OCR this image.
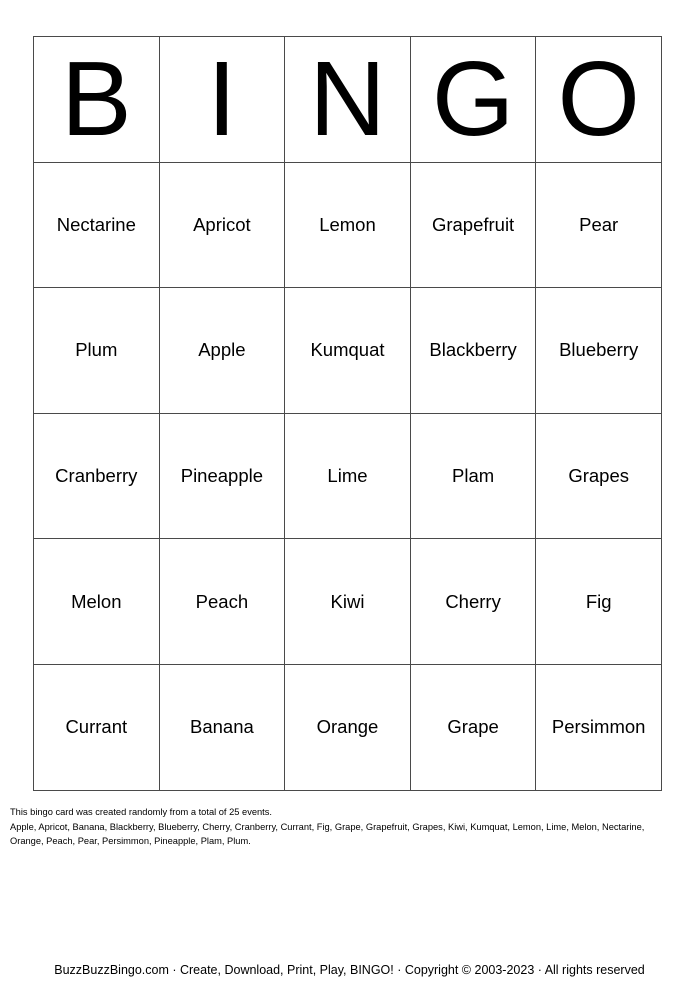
B	I	N	G	O
Nectarine	Apricot	Lemon	Grapefruit	Pear
Plum	Apple	Kumquat	Blackberry	Blueberry
Cranberry	Pineapple	Lime	Plam	Grapes
Melon	Peach	Kiwi	Cherry	Fig
Currant	Banana	Orange	Grape	Persimmon
This bingo card was created randomly from a total of 25 events.
Apple, Apricot, Banana, Blackberry, Blueberry, Cherry, Cranberry, Currant, Fig, Grape, Grapefruit, Grapes, Kiwi, Kumquat, Lemon, Lime, Melon, Nectarine,
Orange, Peach, Pear, Persimmon, Pineapple, Plam, Plum.
BuzzBuzzBingo.com · Create, Download, Print, Play, BINGO! · Copyright © 2003-2023 · All rights reserved
